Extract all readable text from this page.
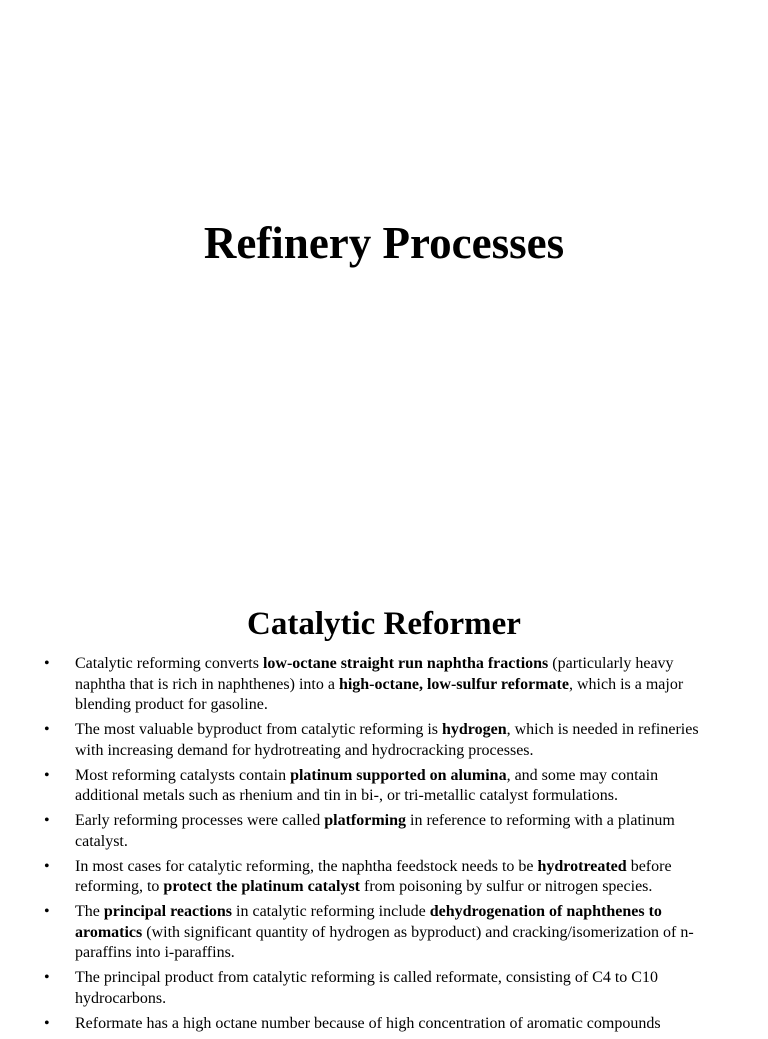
Refinery Processes
Catalytic Reformer
• Catalytic reforming converts low-octane straight run naphtha fractions (particularly heavy naphtha that is rich in naphthenes) into a high-octane, low-sulfur reformate, which is a major blending product for gasoline.
• The most valuable byproduct from catalytic reforming is hydrogen, which is needed in refineries with increasing demand for hydrotreating and hydrocracking processes.
• Most reforming catalysts contain platinum supported on alumina, and some may contain additional metals such as rhenium and tin in bi-, or tri-metallic catalyst formulations.
• Early reforming processes were called platforming in reference to reforming with a platinum catalyst.
• In most cases for catalytic reforming, the naphtha feedstock needs to be hydrotreated before reforming, to protect the platinum catalyst from poisoning by sulfur or nitrogen species.
• The principal reactions in catalytic reforming include dehydrogenation of naphthenes to aromatics (with significant quantity of hydrogen as byproduct) and cracking/isomerization of n-paraffins into i-paraffins.
• The principal product from catalytic reforming is called reformate, consisting of C4 to C10 hydrocarbons.
• Reformate has a high octane number because of high concentration of aromatic compounds
